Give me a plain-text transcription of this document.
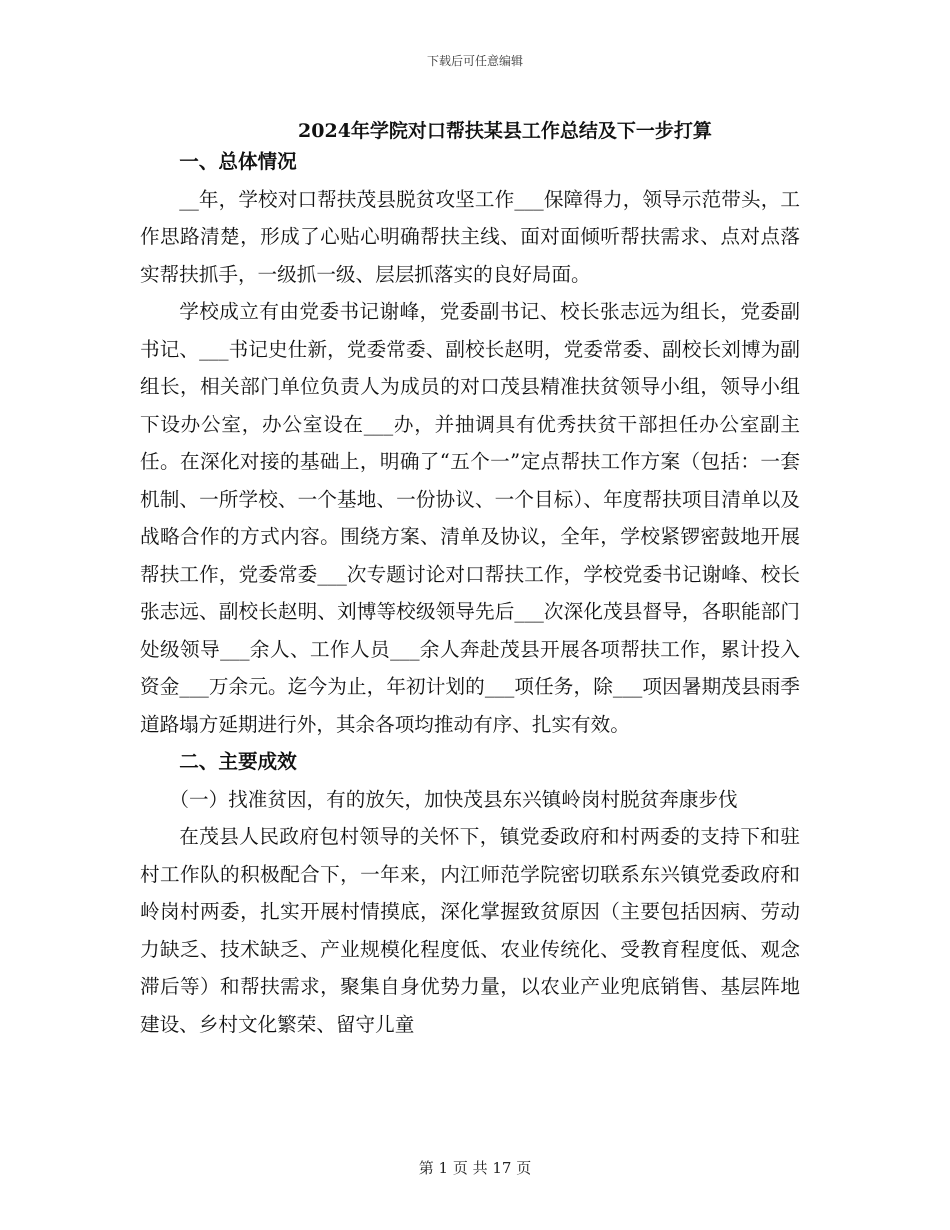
下载后可任意编辑
2024年学院对口帮扶某县工作总结及下一步打算
一、总体情况

__年，学校对口帮扶茂县脱贫攻坚工作___保障得力，领导示范带头，工作思路清楚，形成了心贴心明确帮扶主线、面对面倾听帮扶需求、点对点落实帮扶抓手，一级抓一级、层层抓落实的良好局面。

学校成立有由党委书记谢峰，党委副书记、校长张志远为组长，党委副书记、___书记史仕新，党委常委、副校长赵明，党委常委、副校长刘博为副组长，相关部门单位负责人为成员的对口茂县精准扶贫领导小组，领导小组下设办公室，办公室设在___办，并抽调具有优秀扶贫干部担任办公室副主任。在深化对接的基础上，明确了“五个一”定点帮扶工作方案（包括：一套机制、一所学校、一个基地、一份协议、一个目标）、年度帮扶项目清单以及战略合作的方式内容。围绕方案、清单及协议，全年，学校紧锣密鼓地开展帮扶工作，党委常委___次专题讨论对口帮扶工作，学校党委书记谢峰、校长张志远、副校长赵明、刘博等校级领导先后___次深化茂县督导，各职能部门处级领导___余人、工作人员___余人奔赴茂县开展各项帮扶工作，累计投入资金___万余元。迄今为止，年初计划的___项任务，除___项因暑期茂县雨季道路塌方延期进行外，其余各项均推动有序、扎实有效。

二、主要成效

（一）找准贫因，有的放矢，加快茂县东兴镇岭岗村脱贫奔康步伐

在茂县人民政府包村领导的关怀下，镇党委政府和村两委的支持下和驻村工作队的积极配合下，一年来，内江师范学院密切联系东兴镇党委政府和岭岗村两委，扎实开展村情摸底，深化掌握致贫原因（主要包括因病、劳动力缺乏、技术缺乏、产业规模化程度低、农业传统化、受教育程度低、观念滞后等）和帮扶需求，聚集自身优势力量，以农业产业兜底销售、基层阵地建设、乡村文化繁荣、留守儿童

第 1 页 共 17 页
